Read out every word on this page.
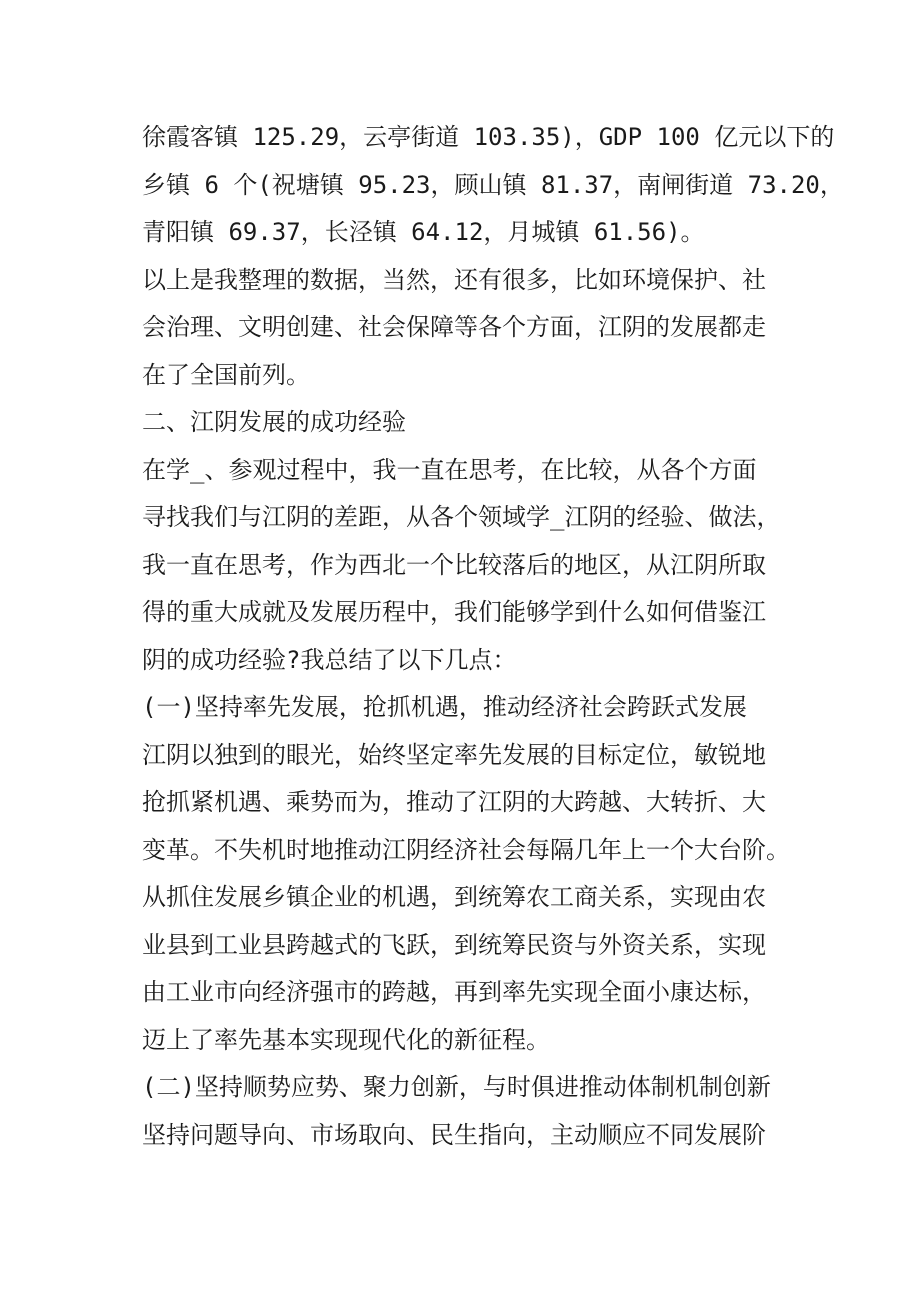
徐霞客镇 125.29，云亭街道 103.35)，GDP 100 亿元以下的
乡镇 6 个(祝塘镇 95.23，顾山镇 81.37，南闸街道 73.20，
青阳镇 69.37，长泾镇 64.12，月城镇 61.56)。
以上是我整理的数据，当然，还有很多，比如环境保护、社
会治理、文明创建、社会保障等各个方面，江阴的发展都走
在了全国前列。
二、江阴发展的成功经验
在学_、参观过程中，我一直在思考，在比较，从各个方面
寻找我们与江阴的差距，从各个领域学_江阴的经验、做法，
我一直在思考，作为西北一个比较落后的地区，从江阴所取
得的重大成就及发展历程中，我们能够学到什么如何借鉴江
阴的成功经验?我总结了以下几点：
(一)坚持率先发展，抢抓机遇，推动经济社会跨跃式发展
江阴以独到的眼光，始终坚定率先发展的目标定位，敏锐地
抢抓紧机遇、乘势而为，推动了江阴的大跨越、大转折、大
变革。不失机时地推动江阴经济社会每隔几年上一个大台阶。
从抓住发展乡镇企业的机遇，到统筹农工商关系，实现由农
业县到工业县跨越式的飞跃，到统筹民资与外资关系，实现
由工业市向经济强市的跨越，再到率先实现全面小康达标，
迈上了率先基本实现现代化的新征程。
(二)坚持顺势应势、聚力创新，与时俱进推动体制机制创新
坚持问题导向、市场取向、民生指向，主动顺应不同发展阶
